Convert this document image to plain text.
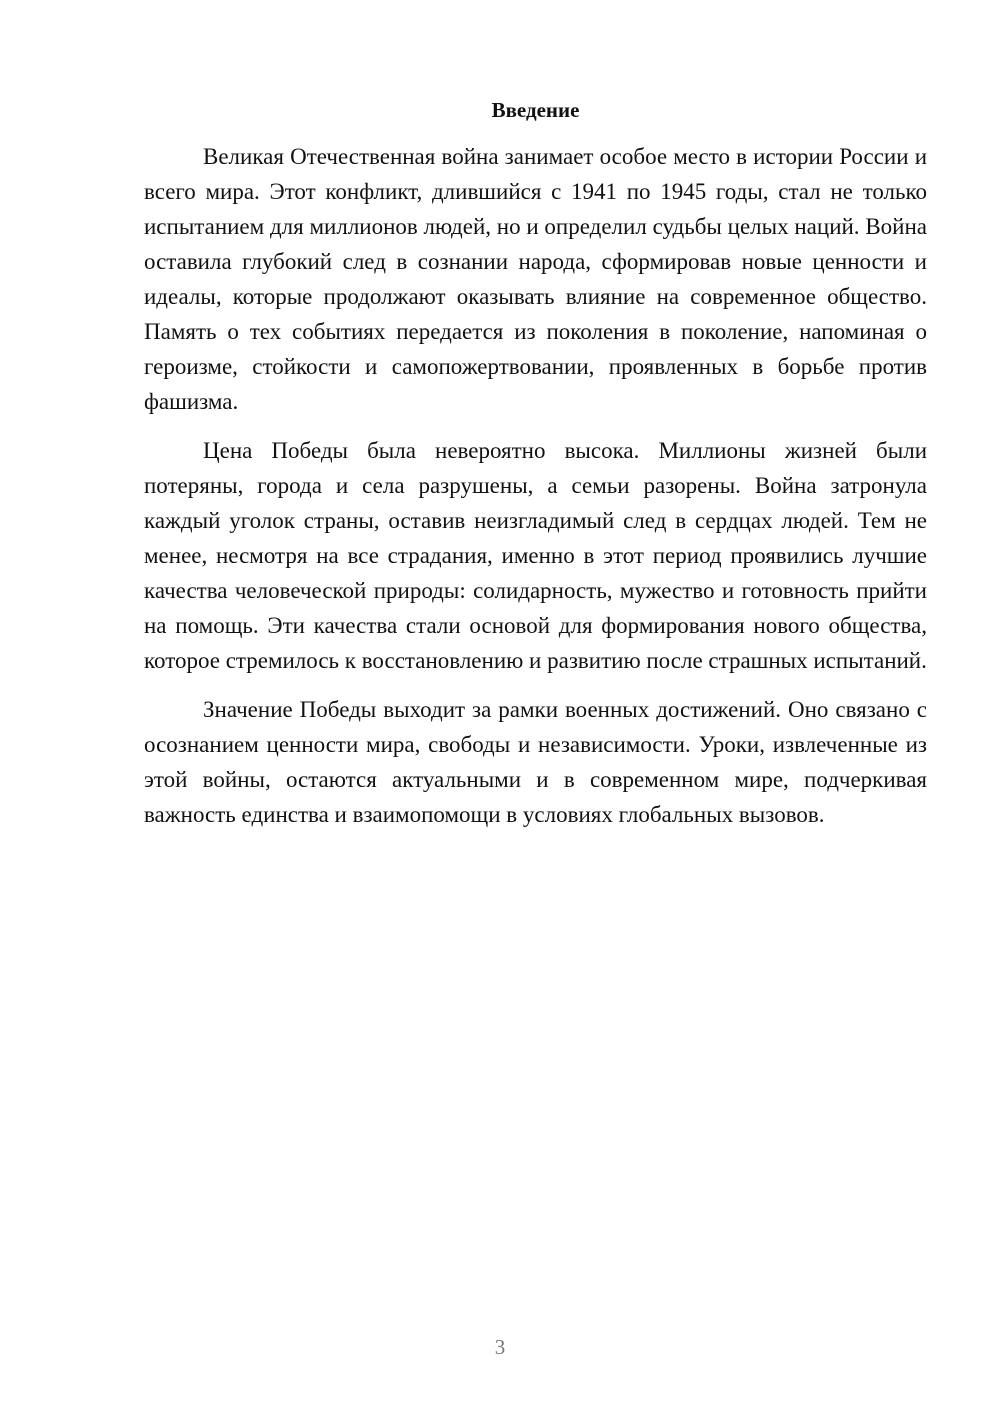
Введение

Великая Отечественная война занимает особое место в истории России и всего мира. Этот конфликт, длившийся с 1941 по 1945 годы, стал не только испытанием для миллионов людей, но и определил судьбы целых наций. Война оставила глубокий след в сознании народа, сформировав новые ценности и идеалы, которые продолжают оказывать влияние на современное общество. Память о тех событиях передается из поколения в поколение, напоминая о героизме, стойкости и самопожертвовании, проявленных в борьбе против фашизма.

Цена Победы была невероятно высока. Миллионы жизней были потеряны, города и села разрушены, а семьи разорены. Война затронула каждый уголок страны, оставив неизгладимый след в сердцах людей. Тем не менее, несмотря на все страдания, именно в этот период проявились лучшие качества человеческой природы: солидарность, мужество и готовность прийти на помощь. Эти качества стали основой для формирования нового общества, которое стремилось к восстановлению и развитию после страшных испытаний.

Значение Победы выходит за рамки военных достижений. Оно связано с осознанием ценности мира, свободы и независимости. Уроки, извлеченные из этой войны, остаются актуальными и в современном мире, подчеркивая важность единства и взаимопомощи в условиях глобальных вызовов.

3
